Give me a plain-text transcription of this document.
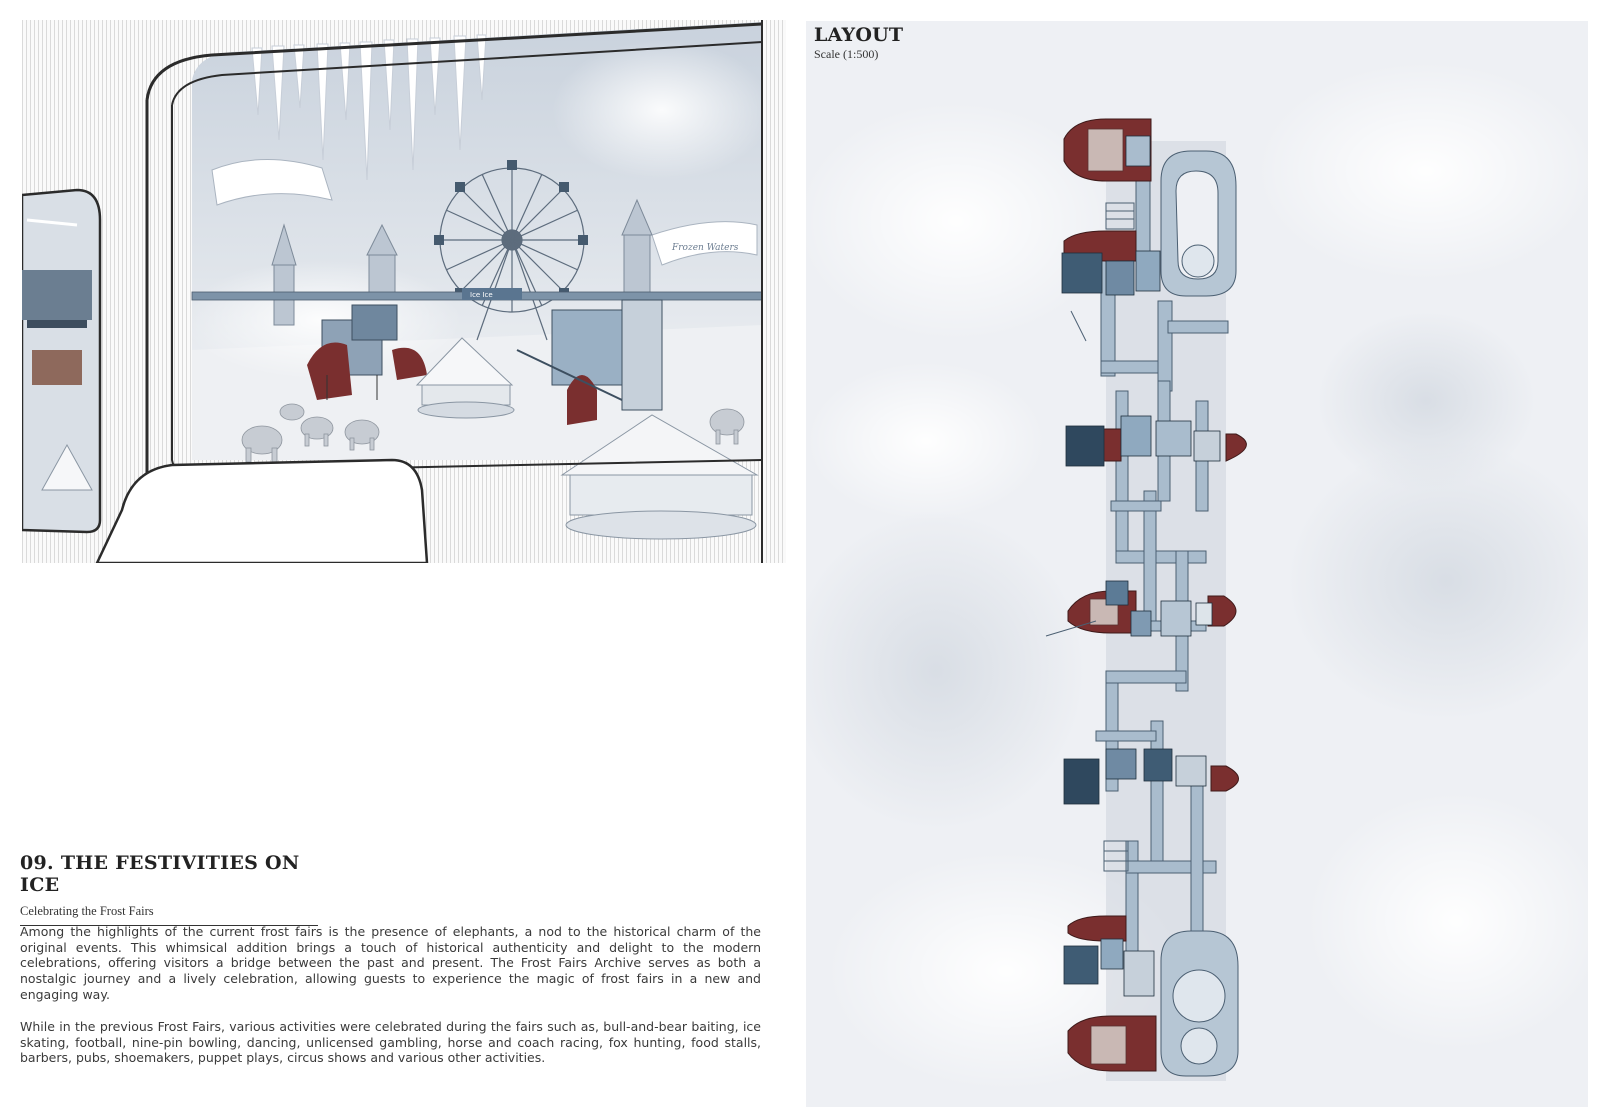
Frozen Waters
Ice Ice
09. THE FESTIVITIES ON ICE
Celebrating the Frost Fairs

Among the highlights of the current frost fairs is the presence of elephants, a nod to the historical charm of the original events. This whimsical addition brings a touch of historical authenticity and delight to the modern celebrations, offering visitors a bridge between the past and present. The Frost Fairs Archive serves as both a nostalgic journey and a lively celebration, allowing guests to experience the magic of frost fairs in a new and engaging way.

While in the previous Frost Fairs, various activities were celebrated during the fairs such as, bull-and-bear baiting, ice skating, football, nine-pin bowling, dancing, unlicensed gambling, horse and coach racing, fox hunting, food stalls, barbers, pubs, shoemakers, puppet plays, circus shows and various other activities.

LAYOUT
Scale (1:500)
